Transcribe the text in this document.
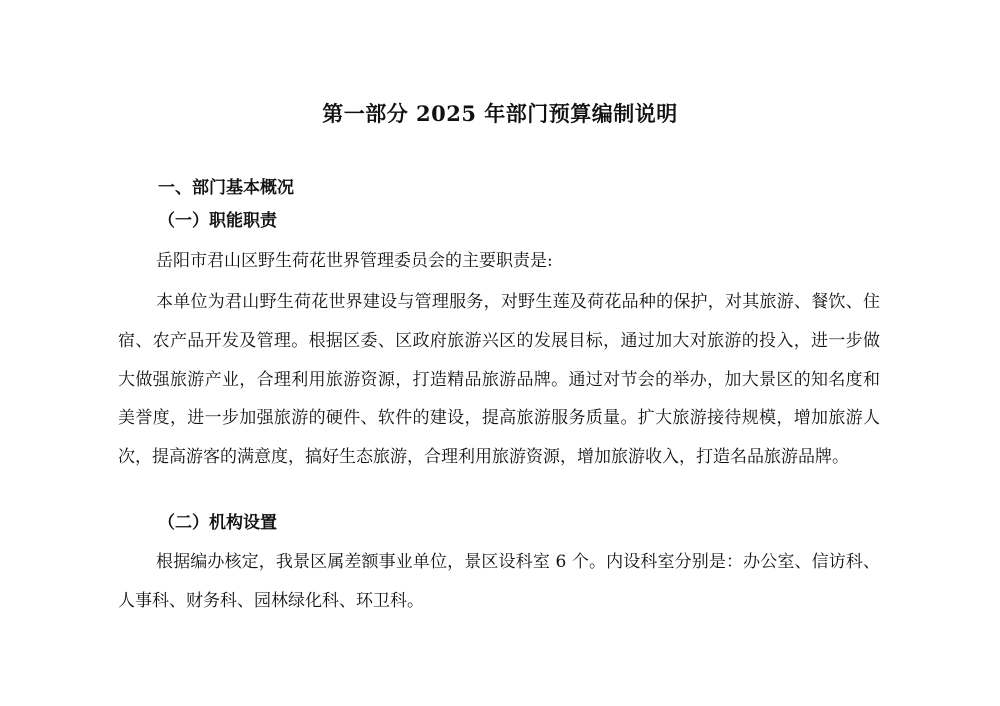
第一部分 2025 年部门预算编制说明
一、部门基本概况
（一）职能职责
岳阳市君山区野生荷花世界管理委员会的主要职责是:
本单位为君山野生荷花世界建设与管理服务，对野生莲及荷花品种的保护，对其旅游、餐饮、住宿、农产品开发及管理。根据区委、区政府旅游兴区的发展目标，通过加大对旅游的投入，进一步做大做强旅游产业，合理利用旅游资源，打造精品旅游品牌。通过对节会的举办，加大景区的知名度和美誉度，进一步加强旅游的硬件、软件的建设，提高旅游服务质量。扩大旅游接待规模，增加旅游人次，提高游客的满意度，搞好生态旅游，合理利用旅游资源，增加旅游收入，打造名品旅游品牌。
（二）机构设置
根据编办核定，我景区属差额事业单位，景区设科室 6 个。内设科室分别是：办公室、信访科、人事科、财务科、园林绿化科、环卫科。
